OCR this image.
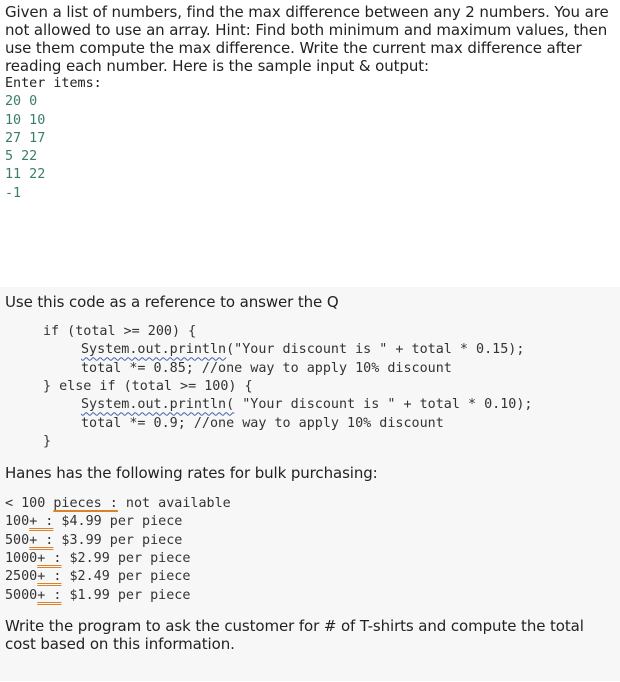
Given a list of numbers, find the max difference between any 2 numbers. You are not allowed to use an array. Hint: Find both minimum and maximum values, then use them compute the max difference. Write the current max difference after reading each number. Here is the sample input & output:

Enter items:
20 0
10 10
27 17
5 22
11 22
-1

Use this code as a reference to answer the Q

if (total >= 200) {
System.out.println("Your discount is " + total * 0.15);
total *= 0.85; //one way to apply 10% discount
} else if (total >= 100) {
System.out.println( "Your discount is " + total * 0.10);
total *= 0.9; //one way to apply 10% discount
}

Hanes has the following rates for bulk purchasing:

< 100 pieces : not available
100+ : $4.99 per piece
500+ : $3.99 per piece
1000+ : $2.99 per piece
2500+ : $2.49 per piece
5000+ : $1.99 per piece

Write the program to ask the customer for # of T-shirts and compute the total cost based on this information.
